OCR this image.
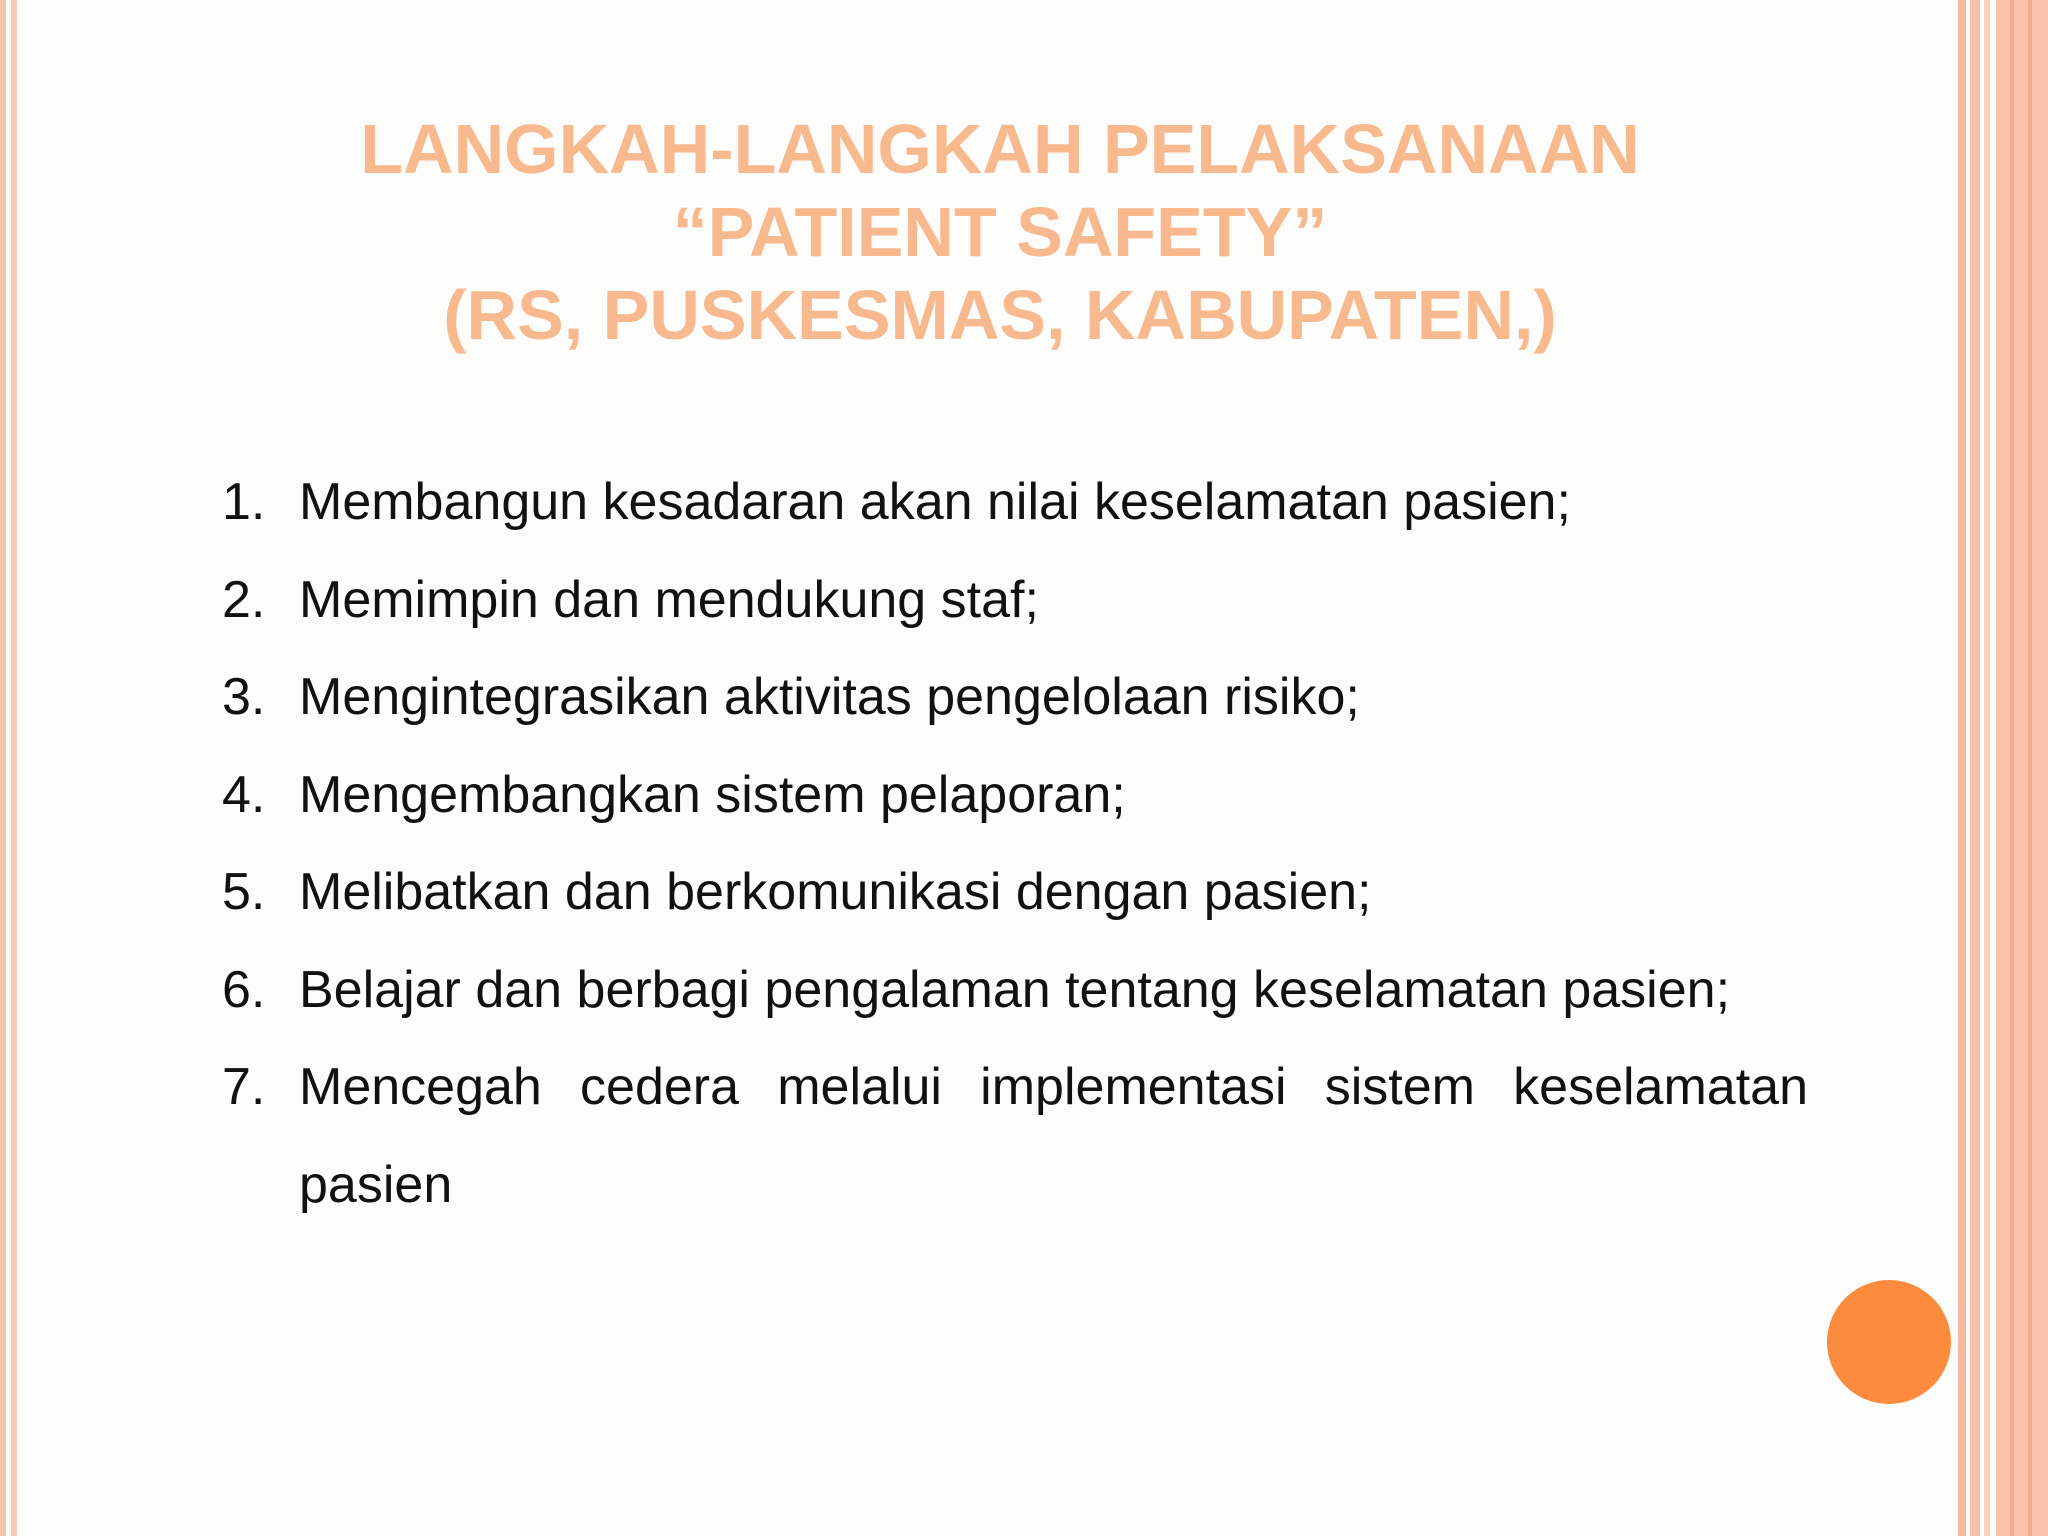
LANGKAH-LANGKAH PELAKSANAAN
“PATIENT SAFETY”
(RS, PUSKESMAS, KABUPATEN,)
1. Membangun kesadaran akan nilai keselamatan pasien;
2. Memimpin dan mendukung staf;
3. Mengintegrasikan aktivitas pengelolaan risiko;
4. Mengembangkan sistem pelaporan;
5. Melibatkan dan berkomunikasi dengan pasien;
6. Belajar dan berbagi pengalaman tentang keselamatan pasien;
7. Mencegah cedera melalui implementasi sistem keselamatan pasien
